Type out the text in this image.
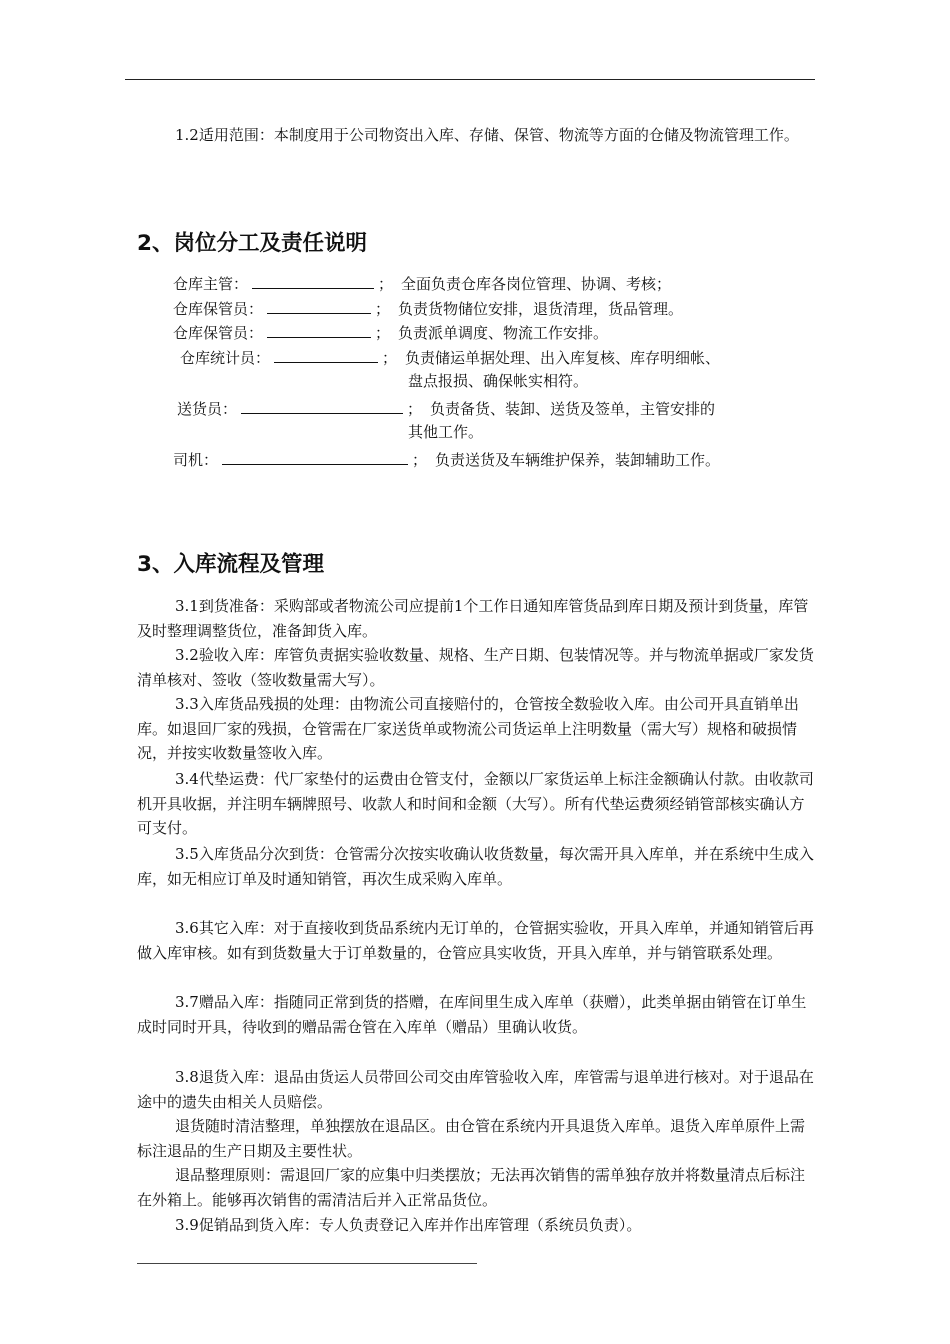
1.2适用范围：本制度用于公司物资出入库、存储、保管、物流等方面的仓储及物流管理工作。

2、岗位分工及责任说明
仓库主管：	； 全面负责仓库各岗位管理、协调、考核；
仓库保管员：	； 负责货物储位安排，退货清理，货品管理。
仓库保管员：	； 负责派单调度、物流工作安排。
仓库统计员：	； 负责储运单据处理、出入库复核、库存明细帐、
盘点报损、确保帐实相符。
送货员：	； 负责备货、装卸、送货及签单，主管安排的
其他工作。
司机：	； 负责送货及车辆维护保养，装卸辅助工作。
3、入库流程及管理

3.1到货准备：采购部或者物流公司应提前1个工作日通知库管货品到库日期及预计到货量，库管及时整理调整货位，准备卸货入库。

3.2验收入库：库管负责据实验收数量、规格、生产日期、包装情况等。并与物流单据或厂家发货清单核对、签收（签收数量需大写）。

3.3入库货品残损的处理：由物流公司直接赔付的，仓管按全数验收入库。由公司开具直销单出库。如退回厂家的残损，仓管需在厂家送货单或物流公司货运单上注明数量（需大写）规格和破损情况，并按实收数量签收入库。

3.4代垫运费：代厂家垫付的运费由仓管支付，金额以厂家货运单上标注金额确认付款。由收款司机开具收据，并注明车辆牌照号、收款人和时间和金额（大写）。所有代垫运费须经销管部核实确认方可支付。

3.5入库货品分次到货：仓管需分次按实收确认收货数量，每次需开具入库单，并在系统中生成入库，如无相应订单及时通知销管，再次生成采购入库单。

3.6其它入库：对于直接收到货品系统内无订单的，仓管据实验收，开具入库单，并通知销管后再做入库审核。如有到货数量大于订单数量的，仓管应具实收货，开具入库单，并与销管联系处理。

3.7赠品入库：指随同正常到货的搭赠，在库间里生成入库单（获赠），此类单据由销管在订单生成时同时开具，待收到的赠品需仓管在入库单（赠品）里确认收货。

3.8退货入库：退品由货运人员带回公司交由库管验收入库，库管需与退单进行核对。对于退品在途中的遗失由相关人员赔偿。

退货随时清洁整理，单独摆放在退品区。由仓管在系统内开具退货入库单。退货入库单原件上需标注退品的生产日期及主要性状。

退品整理原则：需退回厂家的应集中归类摆放；无法再次销售的需单独存放并将数量清点后标注在外箱上。能够再次销售的需清洁后并入正常品货位。

3.9促销品到货入库：专人负责登记入库并作出库管理（系统员负责）。
